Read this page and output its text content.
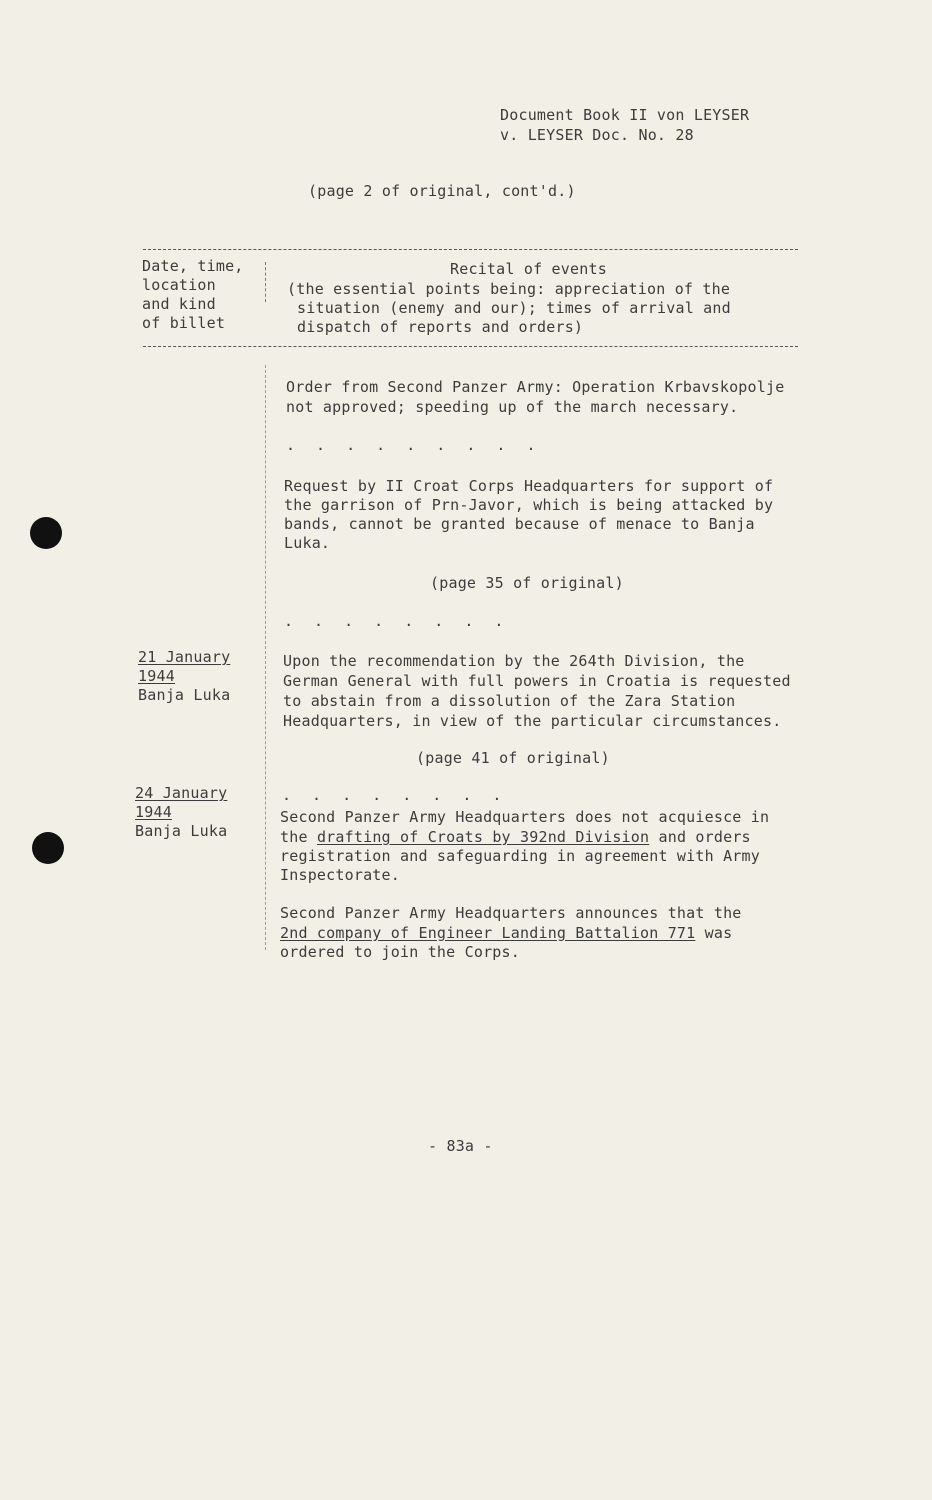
Document Book II von LEYSER
v. LEYSER Doc. No. 28
(page 2 of original, cont'd.)
Date, time,
location
and kind
of billet
Recital of events
(the essential points being: appreciation of the
situation (enemy and our); times of arrival and
dispatch of reports and orders)
Order from Second Panzer Army: Operation Krbavskopolje
not approved; speeding up of the march necessary.
. . . . . . . . .
Request by II Croat Corps Headquarters for support of
the garrison of Prn-Javor, which is being attacked by
bands, cannot be granted because of menace to Banja
Luka.
(page 35 of original)
. . . . . . . .
21 January
1944
Banja Luka
Upon the recommendation by the 264th Division, the
German General with full powers in Croatia is requested
to abstain from a dissolution of the Zara Station
Headquarters, in view of the particular circumstances.
(page 41 of original)
24 January
1944
Banja Luka
. . . . . . . .
Second Panzer Army Headquarters does not acquiesce in
the drafting of Croats by 392nd Division and orders
registration and safeguarding in agreement with Army
Inspectorate.
Second Panzer Army Headquarters announces that the
2nd company of Engineer Landing Battalion 771 was
ordered to join the Corps.
- 83a -
